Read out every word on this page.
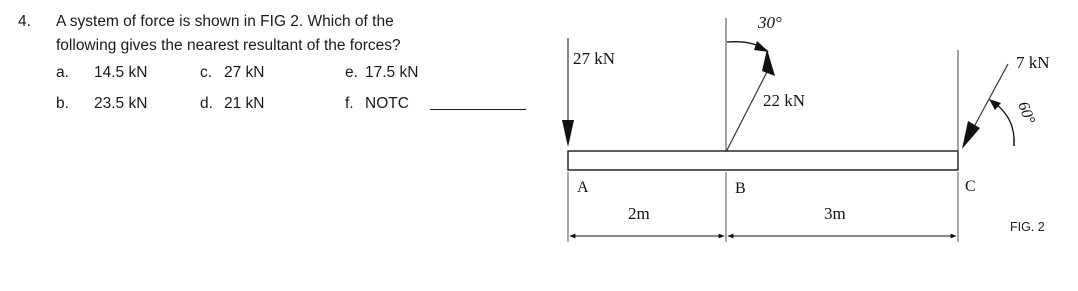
4. A system of force is shown in FIG 2. Which of the
following gives the nearest resultant of the forces?
a. 14.5 kN	c. 27 kN	e. 17.5 kN
b. 23.5 kN	d. 21 kN	f. NOTC
27 kN
30°
22 kN
7 kN
60°
A	B	C
2m	3m
FIG. 2
